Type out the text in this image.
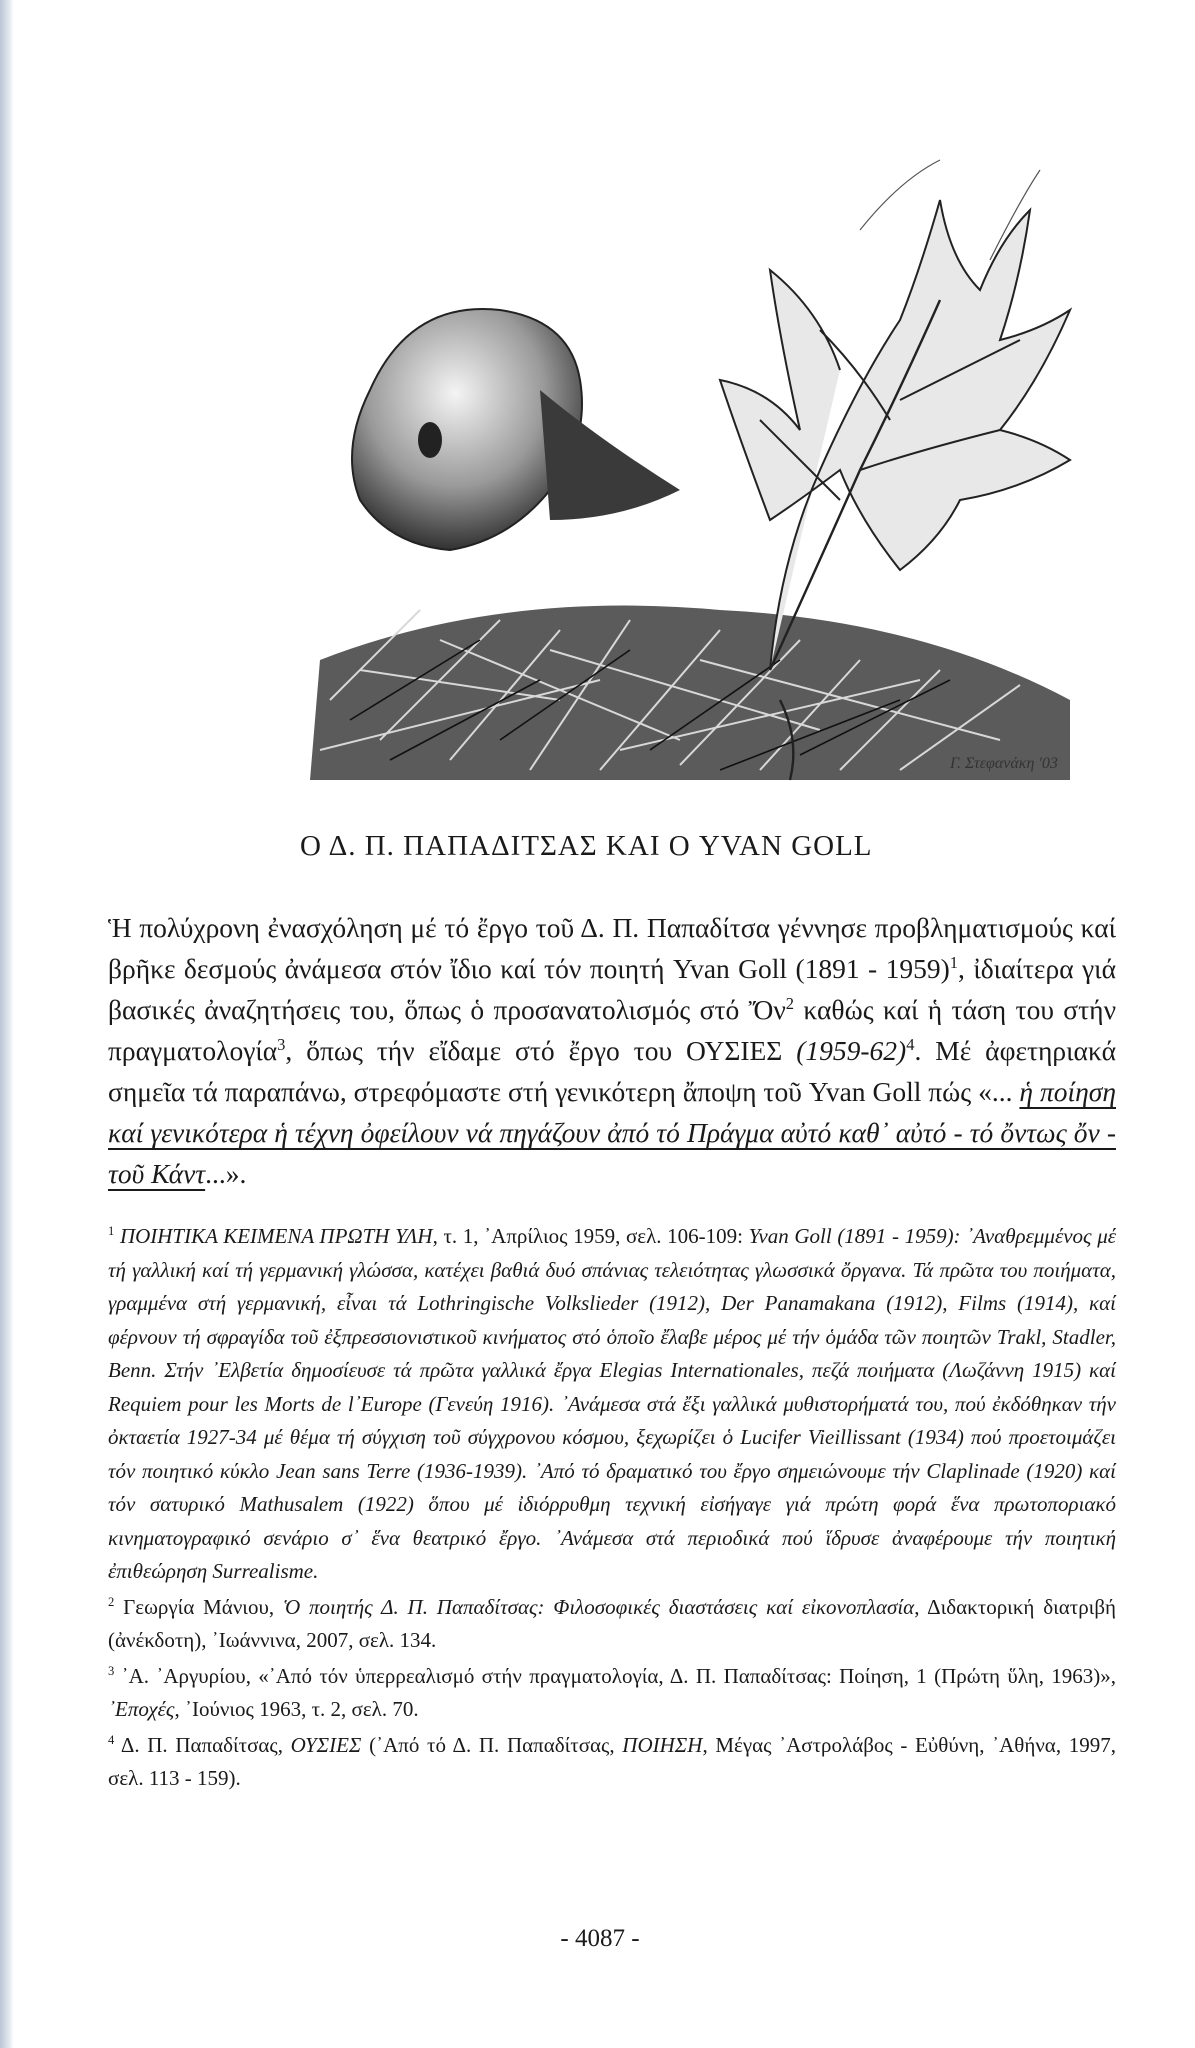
Γ. Στεφανάκη '03
Ο Δ. Π. ΠΑΠΑΔΙΤΣΑΣ ΚΑΙ Ο YVAN GOLL

Ἡ πολύχρονη ἐνασχόληση μέ τό ἔργο τοῦ Δ. Π. Παπαδίτσα γέννησε προβληματισμούς καί βρῆκε δεσμούς ἀνάμεσα στόν ἴδιο καί τόν ποιητή Yvan Goll (1891 - 1959)$^1$, ἰδιαίτερα γιά βασικές ἀναζητήσεις του, ὅπως ὁ προσανατολισμός στό Ὄν$^2$ καθώς καί ἡ τάση του στήν πραγματολογία$^3$, ὅπως τήν εἴδαμε στό ἔργο του ΟΥΣΙΕΣ (1959-62)$^4$. Μέ ἀφετηριακά σημεῖα τά παραπάνω, στρεφόμαστε στή γενικότερη ἄποψη τοῦ Yvan Goll πώς «... ἡ ποίηση καί γενικότερα ἡ τέχνη ὀφείλουν νά πηγάζουν ἀπό τό Πράγμα αὐτό καθ᾽ αὐτό - τό ὄντως ὄν - τοῦ Κάντ...».

$^1$ ΠΟΙΗΤΙΚΑ ΚΕΙΜΕΝΑ ΠΡΩΤΗ ΥΛΗ, τ. 1, ᾽Απρίλιος 1959, σελ. 106-109: Yvan Goll (1891 - 1959): ᾽Αναθρεμμένος μέ τή γαλλική καί τή γερμανική γλώσσα, κατέχει βαθιά δυό σπάνιας τελειότητας γλωσσικά ὄργανα. Τά πρῶτα του ποιήματα, γραμμένα στή γερμανική, εἶναι τά Lothringische Volkslieder (1912), Der Panamakana (1912), Films (1914), καί φέρνουν τή σφραγίδα τοῦ ἐξπρεσσιονιστικοῦ κινήματος στό ὁποῖο ἔλαβε μέρος μέ τήν ὁμάδα τῶν ποιητῶν Trakl, Stadler, Benn. Στήν ᾽Ελβετία δημοσίευσε τά πρῶτα γαλλικά ἔργα Elegias Internationales, πεζά ποιήματα (Λωζάννη 1915) καί Requiem pour les Morts de l᾽Europe (Γενεύη 1916). ᾽Ανάμεσα στά ἔξι γαλλικά μυθιστορήματά του, πού ἐκδόθηκαν τήν ὀκταετία 1927-34 μέ θέμα τή σύγχιση τοῦ σύγχρονου κόσμου, ξεχωρίζει ὁ Lucifer Vieillissant (1934) πού προετοιμάζει τόν ποιητικό κύκλο Jean sans Terre (1936-1939). ᾽Από τό δραματικό του ἔργο σημειώνουμε τήν Claplinade (1920) καί τόν σατυρικό Mathusalem (1922) ὅπου μέ ἰδιόρρυθμη τεχνική εἰσήγαγε γιά πρώτη φορά ἕνα πρωτοποριακό κινηματογραφικό σενάριο σ᾽ ἕνα θεατρικό ἔργο. ᾽Ανάμεσα στά περιοδικά πού ἵδρυσε ἀναφέρουμε τήν ποιητική ἐπιθεώρηση Surrealisme.

$^2$ Γεωργία Μάνιου, Ὁ ποιητής Δ. Π. Παπαδίτσας: Φιλοσοφικές διαστάσεις καί εἰκονοπλασία, Διδακτορική διατριβή (ἀνέκδοτη), ᾽Ιωάννινα, 2007, σελ. 134.

$^3$ ᾽Α. ᾽Αργυρίου, «᾽Από τόν ὑπερρεαλισμό στήν πραγματολογία, Δ. Π. Παπαδίτσας: Ποίηση, 1 (Πρώτη ὕλη, 1963)», ᾽Εποχές, ᾽Ιούνιος 1963, τ. 2, σελ. 70.

$^4$ Δ. Π. Παπαδίτσας, ΟΥΣΙΕΣ (᾽Από τό Δ. Π. Παπαδίτσας, ΠΟΙΗΣΗ, Μέγας ᾽Αστρολάβος - Εὐθύνη, ᾽Αθήνα, 1997, σελ. 113 - 159).

- 4087 -
